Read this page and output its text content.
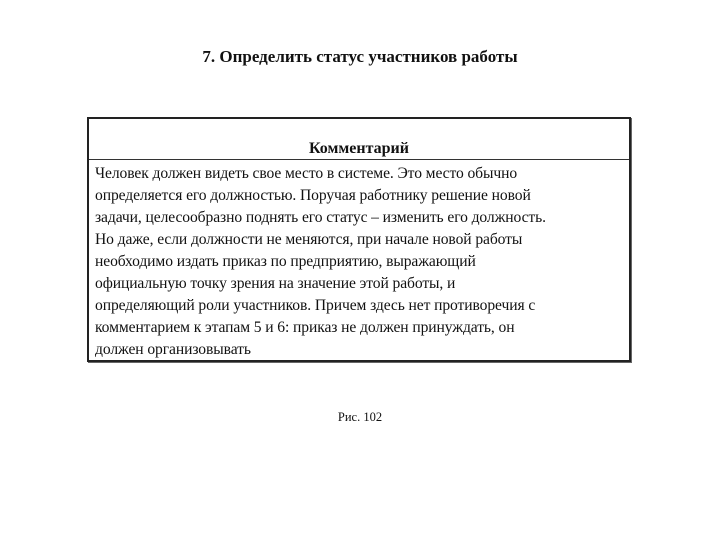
7. Определить статус участников работы
Комментарий
Человек должен видеть свое место в системе. Это место обычно
определяется его должностью. Поручая работнику решение новой
задачи, целесообразно поднять его статус – изменить его должность.
Но даже, если должности не меняются, при начале новой работы
необходимо издать приказ по предприятию, выражающий
официальную точку зрения на значение этой работы, и
определяющий роли участников. Причем здесь нет противоречия с
комментарием к этапам 5 и 6: приказ не должен принуждать, он
должен организовывать
Рис. 102
